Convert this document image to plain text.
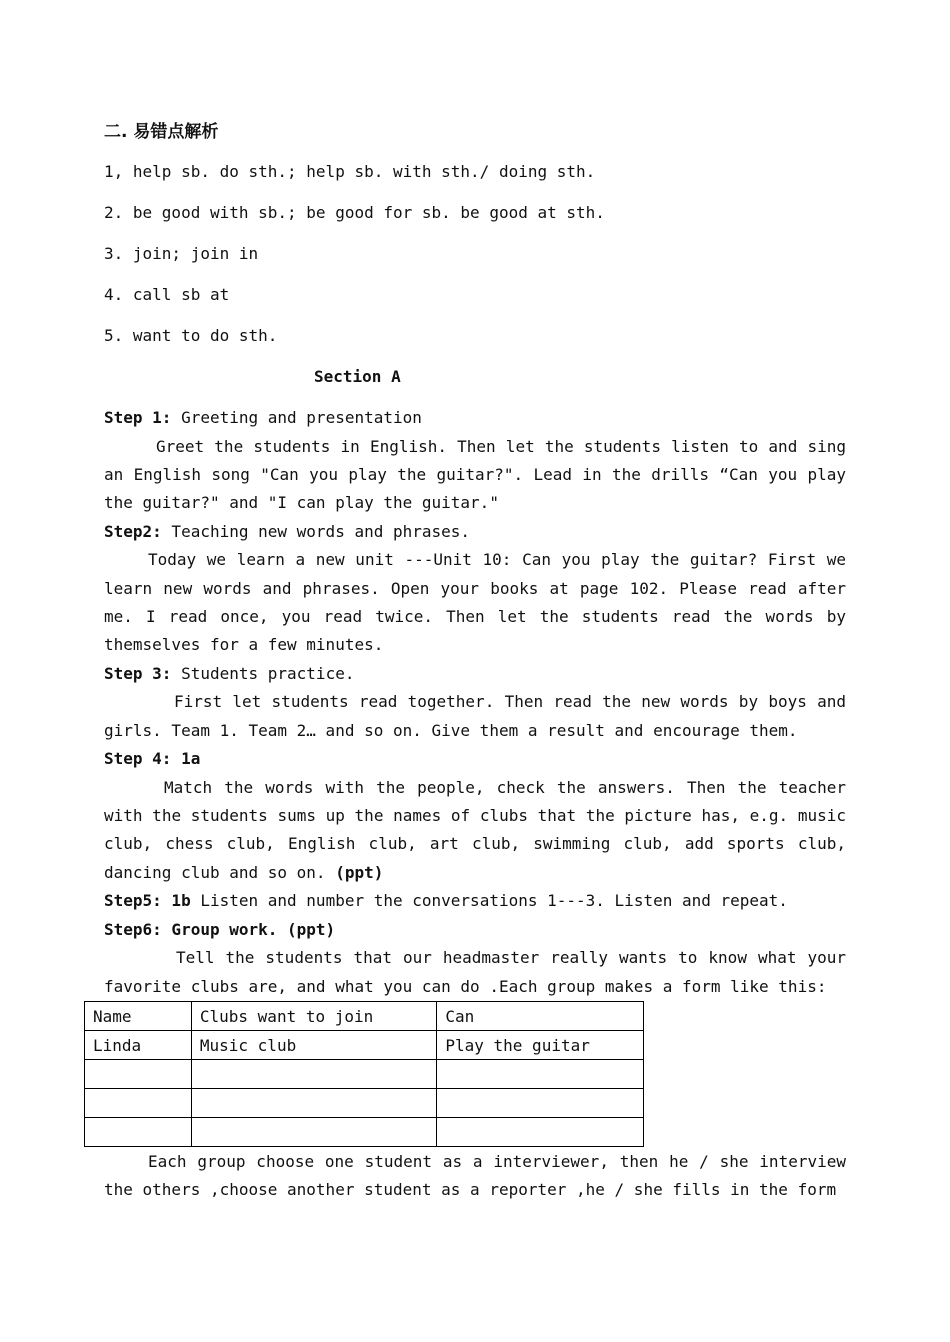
二. 易错点解析
1, help sb. do sth.; help sb. with sth./ doing sth.
2. be good with sb.; be good for sb. be good at sth.
3. join; join in
4. call sb at
5. want to do sth.
Section A
Step 1: Greeting and presentation
Greet the students in English. Then let the students listen to and sing an English song "Can you play the guitar?". Lead in the drills “Can you play the guitar?" and "I can play the guitar."
Step2: Teaching new words and phrases.
Today we learn a new unit ---Unit 10: Can you play the guitar? First we learn new words and phrases. Open your books at page 102. Please read after me. I read once, you read twice. Then let the students read the words by themselves for a few minutes.
Step 3: Students practice.
First let students read together. Then read the new words by boys and girls. Team 1. Team 2… and so on. Give them a result and encourage them.
Step 4: 1a
Match the words with the people, check the answers. Then the teacher with the students sums up the names of clubs that the picture has, e.g. music club, chess club, English club, art club, swimming club, add sports club, dancing club and so on. (ppt)
Step5: 1b Listen and number the conversations 1---3. Listen and repeat.
Step6: Group work. (ppt)
Tell the students that our headmaster really wants to know what your favorite clubs are, and what you can do .Each group makes a form like this:
Name	Clubs want to join	Can
Linda	Music club	Play the guitar

Each group choose one student as a interviewer, then he / she interview the others ,choose another student as a reporter ,he / she fills in the form
